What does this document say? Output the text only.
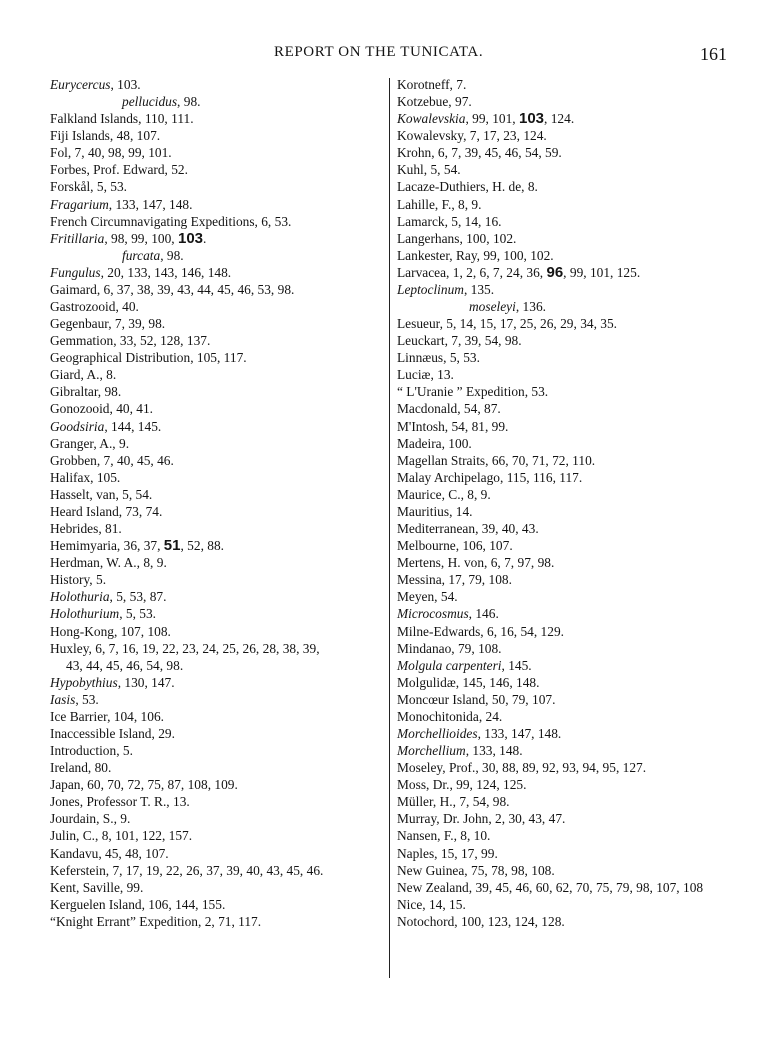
REPORT ON THE TUNICATA.	161
Eurycercus, 103.
pellucidus, 98.
Falkland Islands, 110, 111.
Fiji Islands, 48, 107.
Fol, 7, 40, 98, 99, 101.
Forbes, Prof. Edward, 52.
Forskål, 5, 53.
Fragarium, 133, 147, 148.
French Circumnavigating Expeditions, 6, 53.
Fritillaria, 98, 99, 100, 103.
furcata, 98.
Fungulus, 20, 133, 143, 146, 148.
Gaimard, 6, 37, 38, 39, 43, 44, 45, 46, 53, 98.
Gastrozooid, 40.
Gegenbaur, 7, 39, 98.
Gemmation, 33, 52, 128, 137.
Geographical Distribution, 105, 117.
Giard, A., 8.
Gibraltar, 98.
Gonozooid, 40, 41.
Goodsiria, 144, 145.
Granger, A., 9.
Grobben, 7, 40, 45, 46.
Halifax, 105.
Hasselt, van, 5, 54.
Heard Island, 73, 74.
Hebrides, 81.
Hemimyaria, 36, 37, 51, 52, 88.
Herdman, W. A., 8, 9.
History, 5.
Holothuria, 5, 53, 87.
Holothurium, 5, 53.
Hong-Kong, 107, 108.
Huxley, 6, 7, 16, 19, 22, 23, 24, 25, 26, 28, 38, 39,
43, 44, 45, 46, 54, 98.
Hypobythius, 130, 147.
Iasis, 53.
Ice Barrier, 104, 106.
Inaccessible Island, 29.
Introduction, 5.
Ireland, 80.
Japan, 60, 70, 72, 75, 87, 108, 109.
Jones, Professor T. R., 13.
Jourdain, S., 9.
Julin, C., 8, 101, 122, 157.
Kandavu, 45, 48, 107.
Keferstein, 7, 17, 19, 22, 26, 37, 39, 40, 43, 45, 46.
Kent, Saville, 99.
Kerguelen Island, 106, 144, 155.
“Knight Errant” Expedition, 2, 71, 117.
Korotneff, 7.
Kotzebue, 97.
Kowalevskia, 99, 101, 103, 124.
Kowalevsky, 7, 17, 23, 124.
Krohn, 6, 7, 39, 45, 46, 54, 59.
Kuhl, 5, 54.
Lacaze-Duthiers, H. de, 8.
Lahille, F., 8, 9.
Lamarck, 5, 14, 16.
Langerhans, 100, 102.
Lankester, Ray, 99, 100, 102.
Larvacea, 1, 2, 6, 7, 24, 36, 96, 99, 101, 125.
Leptoclinum, 135.
moseleyi, 136.
Lesueur, 5, 14, 15, 17, 25, 26, 29, 34, 35.
Leuckart, 7, 39, 54, 98.
Linnæus, 5, 53.
Luciæ, 13.
“ L'Uranie ” Expedition, 53.
Macdonald, 54, 87.
M'Intosh, 54, 81, 99.
Madeira, 100.
Magellan Straits, 66, 70, 71, 72, 110.
Malay Archipelago, 115, 116, 117.
Maurice, C., 8, 9.
Mauritius, 14.
Mediterranean, 39, 40, 43.
Melbourne, 106, 107.
Mertens, H. von, 6, 7, 97, 98.
Messina, 17, 79, 108.
Meyen, 54.
Microcosmus, 146.
Milne-Edwards, 6, 16, 54, 129.
Mindanao, 79, 108.
Molgula carpenteri, 145.
Molgulidæ, 145, 146, 148.
Moncœur Island, 50, 79, 107.
Monochitonida, 24.
Morchellioides, 133, 147, 148.
Morchellium, 133, 148.
Moseley, Prof., 30, 88, 89, 92, 93, 94, 95, 127.
Moss, Dr., 99, 124, 125.
Müller, H., 7, 54, 98.
Murray, Dr. John, 2, 30, 43, 47.
Nansen, F., 8, 10.
Naples, 15, 17, 99.
New Guinea, 75, 78, 98, 108.
New Zealand, 39, 45, 46, 60, 62, 70, 75, 79, 98, 107, 108
Nice, 14, 15.
Notochord, 100, 123, 124, 128.
